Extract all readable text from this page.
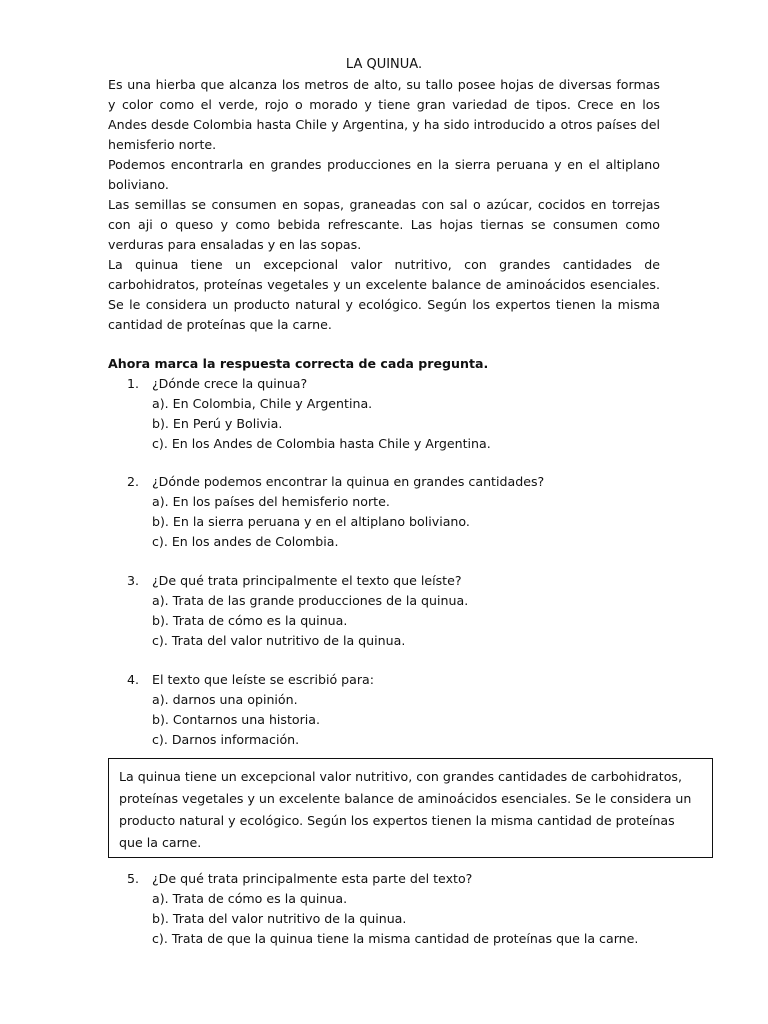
LA QUINUA.

Es una hierba que alcanza los metros de alto, su tallo posee hojas de diversas formas y color como el verde, rojo o morado y tiene gran variedad de tipos. Crece en los Andes desde Colombia hasta Chile y Argentina, y ha sido introducido a otros países del hemisferio norte.

Podemos encontrarla en grandes producciones en la sierra peruana y en el altiplano boliviano.

Las semillas se consumen en sopas, graneadas con sal o azúcar, cocidos en torrejas con aji o queso y como bebida refrescante. Las hojas tiernas se consumen como verduras para ensaladas y en las sopas.

La quinua tiene un excepcional valor nutritivo, con grandes cantidades de carbohidratos, proteínas vegetales y un excelente balance de aminoácidos esenciales. Se le considera un producto natural y ecológico. Según los expertos tienen la misma cantidad de proteínas que la carne.

Ahora marca la respuesta correcta de cada pregunta.
1. ¿Dónde crece la quinua?
a). En Colombia, Chile y Argentina.
b). En Perú y Bolivia.
c). En los Andes de Colombia hasta Chile y Argentina.
2. ¿Dónde podemos encontrar la quinua en grandes cantidades?
a). En los países del hemisferio norte.
b). En la sierra peruana y en el altiplano boliviano.
c). En los andes de Colombia.
3. ¿De qué trata principalmente el texto que leíste?
a). Trata de las grande producciones de la quinua.
b). Trata de cómo es la quinua.
c). Trata del valor nutritivo de la quinua.
4. El texto que leíste se escribió para:
a). darnos una opinión.
b). Contarnos una historia.
c). Darnos información.
La quinua tiene un excepcional valor nutritivo, con grandes cantidades de carbohidratos, proteínas vegetales y un excelente balance de aminoácidos esenciales. Se le considera un producto natural y ecológico. Según los expertos tienen la misma cantidad de proteínas que la carne.
5. ¿De qué trata principalmente esta parte del texto?
a). Trata de cómo es la quinua.
b). Trata del valor nutritivo de la quinua.
c). Trata de que la quinua tiene la misma cantidad de proteínas que la carne.
